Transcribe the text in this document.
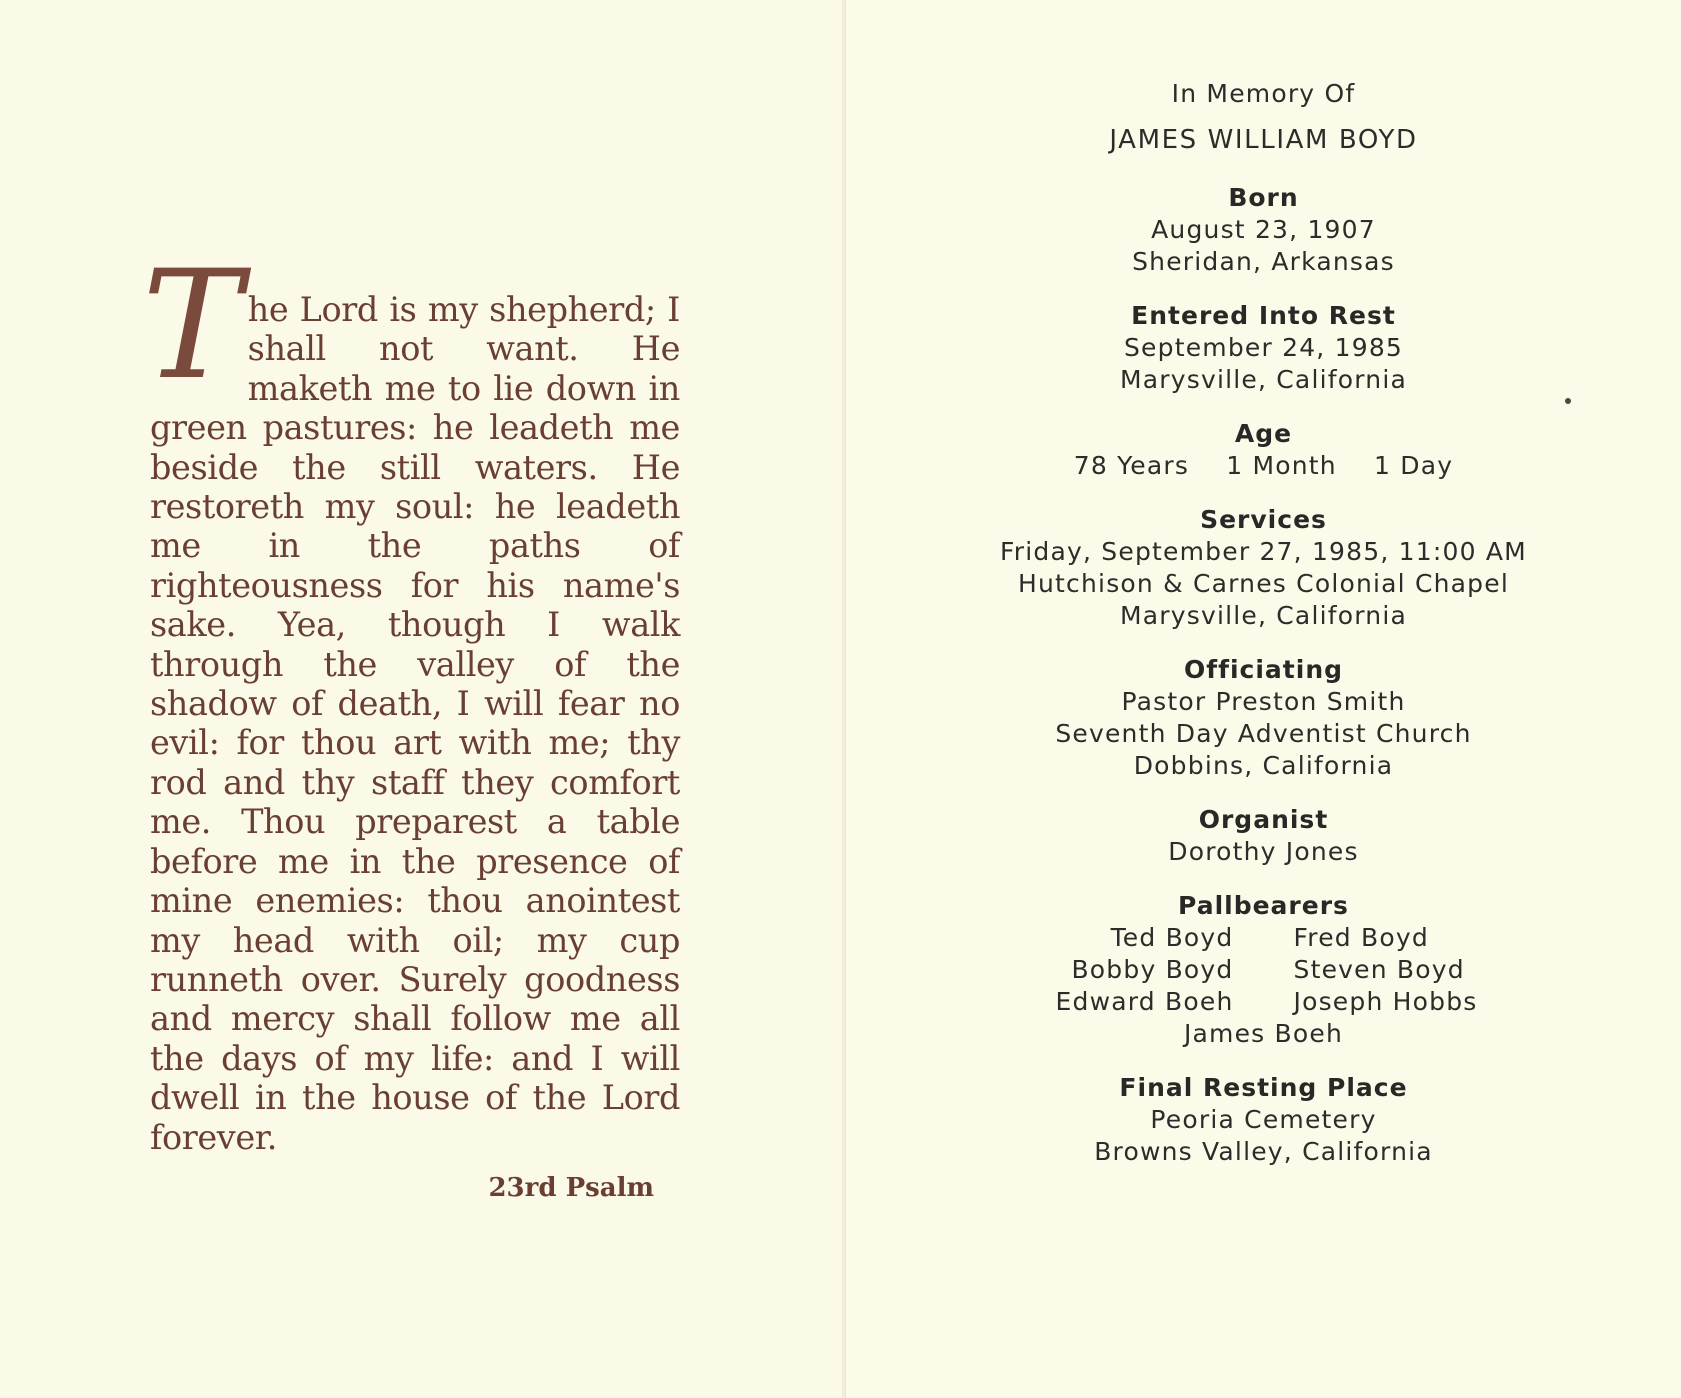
The Lord is my shepherd; I shall not want. He maketh me to lie down in green pastures: he leadeth me beside the still waters. He restoreth my soul: he leadeth me in the paths of righteousness for his name's sake. Yea, though I walk through the valley of the shadow of death, I will fear no evil: for thou art with me; thy rod and thy staff they comfort me. Thou preparest a table before me in the presence of mine enemies: thou anointest my head with oil; my cup runneth over. Surely goodness and mercy shall follow me all the days of my life: and I will dwell in the house of the Lord forever.
23rd Psalm
In Memory Of
JAMES WILLIAM BOYD
Born
August 23, 1907
Sheridan, Arkansas
Entered Into Rest
September 24, 1985
Marysville, California
Age
78 Years 1 Month 1 Day
Services
Friday, September 27, 1985, 11:00 AM
Hutchison & Carnes Colonial Chapel
Marysville, California
Officiating
Pastor Preston Smith
Seventh Day Adventist Church
Dobbins, California
Organist
Dorothy Jones
Pallbearers
Ted Boyd Fred Boyd
Bobby Boyd Steven Boyd
Edward Boeh Joseph Hobbs
James Boeh
Final Resting Place
Peoria Cemetery
Browns Valley, California
